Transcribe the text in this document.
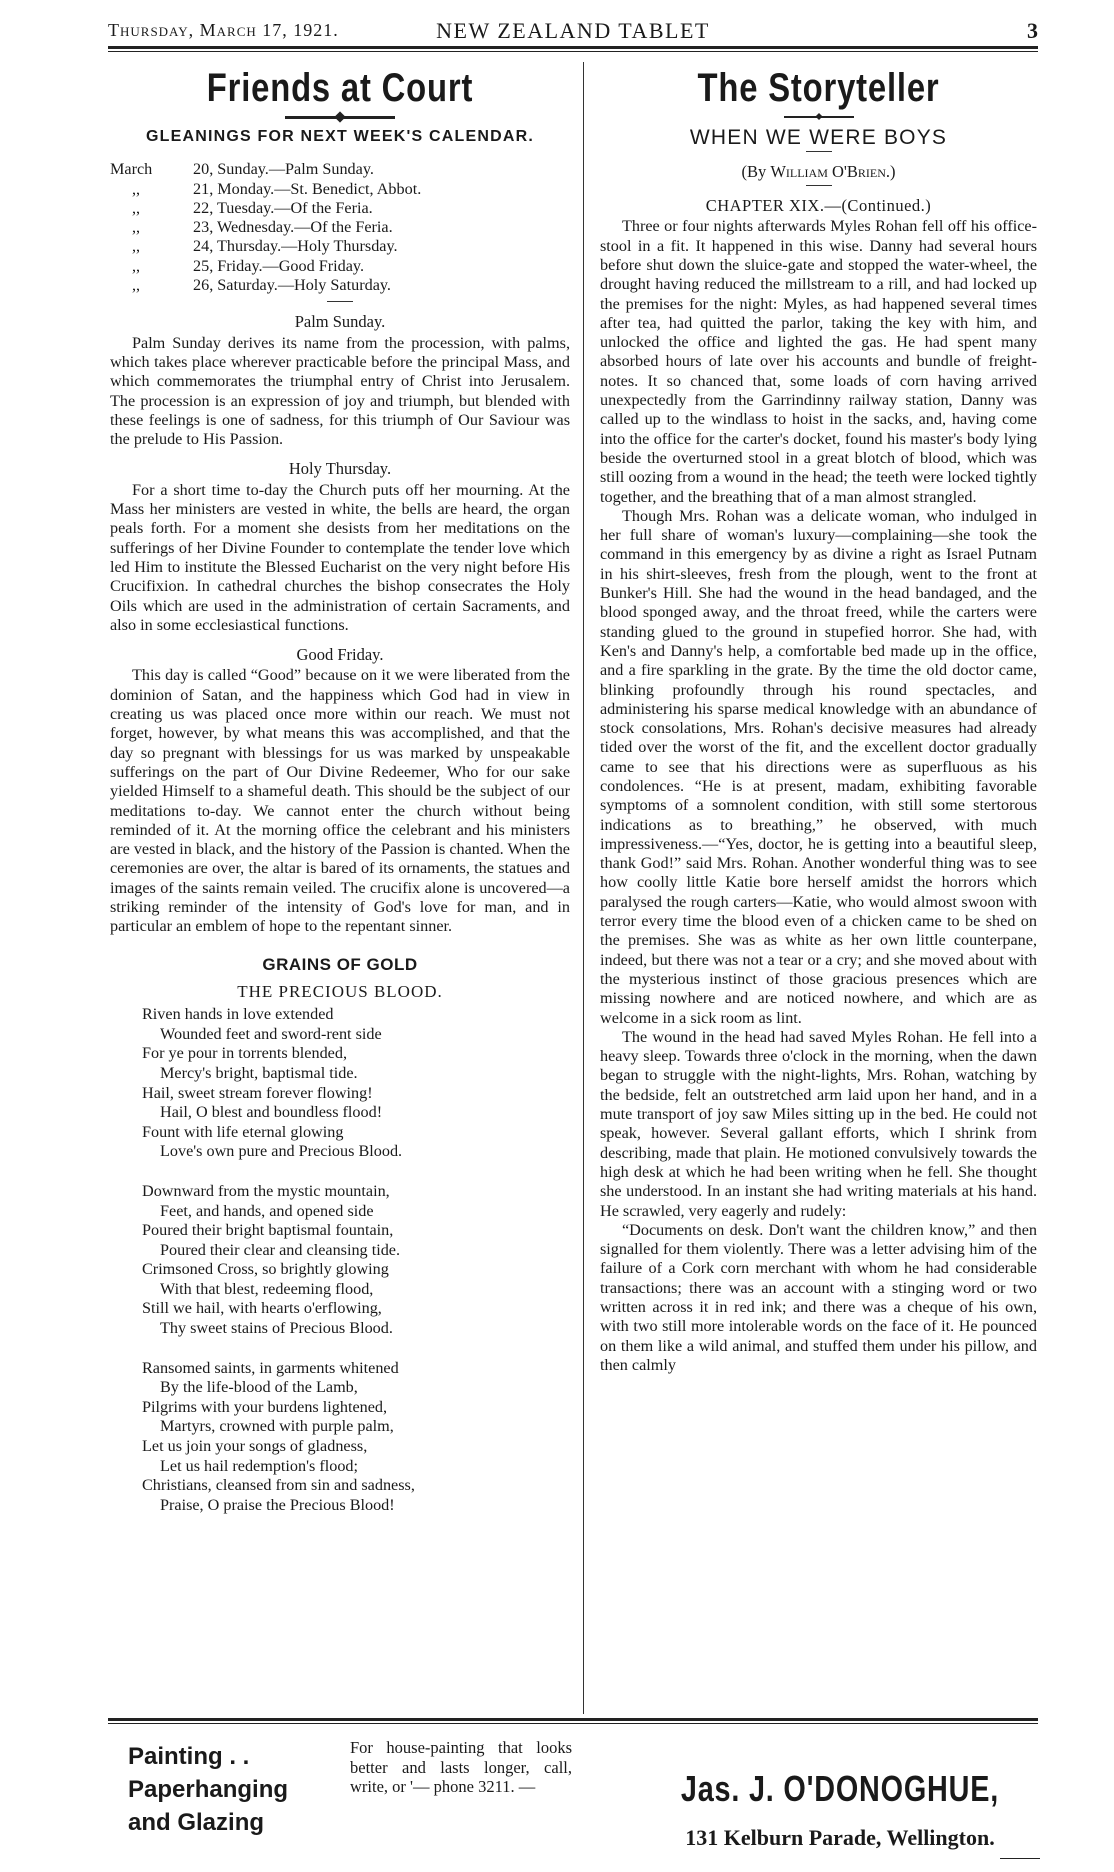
Thursday, March 17, 1921.	NEW ZEALAND TABLET	3
Friends at Court
GLEANINGS FOR NEXT WEEK'S CALENDAR.
March	20, Sunday.—Palm Sunday.
,,	21, Monday.—St. Benedict, Abbot.
,,	22, Tuesday.—Of the Feria.
,,	23, Wednesday.—Of the Feria.
,,	24, Thursday.—Holy Thursday.
,,	25, Friday.—Good Friday.
,,	26, Saturday.—Holy Saturday.
Palm Sunday.

Palm Sunday derives its name from the procession, with palms, which takes place wherever practicable before the principal Mass, and which commemorates the triumphal entry of Christ into Jerusalem. The procession is an expression of joy and triumph, but blended with these feelings is one of sadness, for this triumph of Our Saviour was the prelude to His Passion.

Holy Thursday.

For a short time to-day the Church puts off her mourning. At the Mass her ministers are vested in white, the bells are heard, the organ peals forth. For a moment she desists from her meditations on the sufferings of her Divine Founder to contemplate the tender love which led Him to institute the Blessed Eucharist on the very night before His Crucifixion. In cathedral churches the bishop consecrates the Holy Oils which are used in the administration of certain Sacraments, and also in some ecclesiastical functions.

Good Friday.

This day is called “Good” because on it we were liberated from the dominion of Satan, and the happiness which God had in view in creating us was placed once more within our reach. We must not forget, however, by what means this was accomplished, and that the day so pregnant with blessings for us was marked by unspeakable sufferings on the part of Our Divine Redeemer, Who for our sake yielded Himself to a shameful death. This should be the subject of our meditations to-day. We cannot enter the church without being reminded of it. At the morning office the celebrant and his ministers are vested in black, and the history of the Passion is chanted. When the ceremonies are over, the altar is bared of its ornaments, the statues and images of the saints remain veiled. The crucifix alone is uncovered—a striking reminder of the intensity of God's love for man, and in particular an emblem of hope to the repentant sinner.

GRAINS OF GOLD
THE PRECIOUS BLOOD.
Riven hands in love extended
Wounded feet and sword-rent side
For ye pour in torrents blended,
Mercy's bright, baptismal tide.
Hail, sweet stream forever flowing!
Hail, O blest and boundless flood!
Fount with life eternal glowing
Love's own pure and Precious Blood.
Downward from the mystic mountain,
Feet, and hands, and opened side
Poured their bright baptismal fountain,
Poured their clear and cleansing tide.
Crimsoned Cross, so brightly glowing
With that blest, redeeming flood,
Still we hail, with hearts o'erflowing,
Thy sweet stains of Precious Blood.
Ransomed saints, in garments whitened
By the life-blood of the Lamb,
Pilgrims with your burdens lightened,
Martyrs, crowned with purple palm,
Let us join your songs of gladness,
Let us hail redemption's flood;
Christians, cleansed from sin and sadness,
Praise, O praise the Precious Blood!
The Storyteller
WHEN WE WERE BOYS
(By William O'Brien.)
CHAPTER XIX.—(Continued.)

Three or four nights afterwards Myles Rohan fell off his office-stool in a fit. It happened in this wise. Danny had several hours before shut down the sluice-gate and stopped the water-wheel, the drought having reduced the millstream to a rill, and had locked up the premises for the night: Myles, as had happened several times after tea, had quitted the parlor, taking the key with him, and unlocked the office and lighted the gas. He had spent many absorbed hours of late over his accounts and bundle of freight-notes. It so chanced that, some loads of corn having arrived unexpectedly from the Garrindinny railway station, Danny was called up to the windlass to hoist in the sacks, and, having come into the office for the carter's docket, found his master's body lying beside the overturned stool in a great blotch of blood, which was still oozing from a wound in the head; the teeth were locked tightly together, and the breathing that of a man almost strangled.

Though Mrs. Rohan was a delicate woman, who indulged in her full share of woman's luxury—complaining—she took the command in this emergency by as divine a right as Israel Putnam in his shirt-sleeves, fresh from the plough, went to the front at Bunker's Hill. She had the wound in the head bandaged, and the blood sponged away, and the throat freed, while the carters were standing glued to the ground in stupefied horror. She had, with Ken's and Danny's help, a comfortable bed made up in the office, and a fire sparkling in the grate. By the time the old doctor came, blinking profoundly through his round spectacles, and administering his sparse medical knowledge with an abundance of stock consolations, Mrs. Rohan's decisive measures had already tided over the worst of the fit, and the excellent doctor gradually came to see that his directions were as superfluous as his condolences. “He is at present, madam, exhibiting favorable symptoms of a somnolent condition, with still some stertorous indications as to breathing,” he observed, with much impressiveness.—“Yes, doctor, he is getting into a beautiful sleep, thank God!” said Mrs. Rohan. Another wonderful thing was to see how coolly little Katie bore herself amidst the horrors which paralysed the rough carters—Katie, who would almost swoon with terror every time the blood even of a chicken came to be shed on the premises. She was as white as her own little counterpane, indeed, but there was not a tear or a cry; and she moved about with the mysterious instinct of those gracious presences which are missing nowhere and are noticed nowhere, and which are as welcome in a sick room as lint.

The wound in the head had saved Myles Rohan. He fell into a heavy sleep. Towards three o'clock in the morning, when the dawn began to struggle with the night-lights, Mrs. Rohan, watching by the bedside, felt an outstretched arm laid upon her hand, and in a mute transport of joy saw Miles sitting up in the bed. He could not speak, however. Several gallant efforts, which I shrink from describing, made that plain. He motioned convulsively towards the high desk at which he had been writing when he fell. She thought she understood. In an instant she had writing materials at his hand. He scrawled, very eagerly and rudely:

“Documents on desk. Don't want the children know,” and then signalled for them violently. There was a letter advising him of the failure of a Cork corn merchant with whom he had considerable transactions; there was an account with a stinging word or two written across it in red ink; and there was a cheque of his own, with two still more intolerable words on the face of it. He pounced on them like a wild animal, and stuffed them under his pillow, and then calmly

Painting . .
Paperhanging
and Glazing
For house-painting that looks better and lasts longer, call, write, or '— phone 3211. —	Jas. J. O'DONOGHUE,
131 Kelburn Parade, Wellington.
